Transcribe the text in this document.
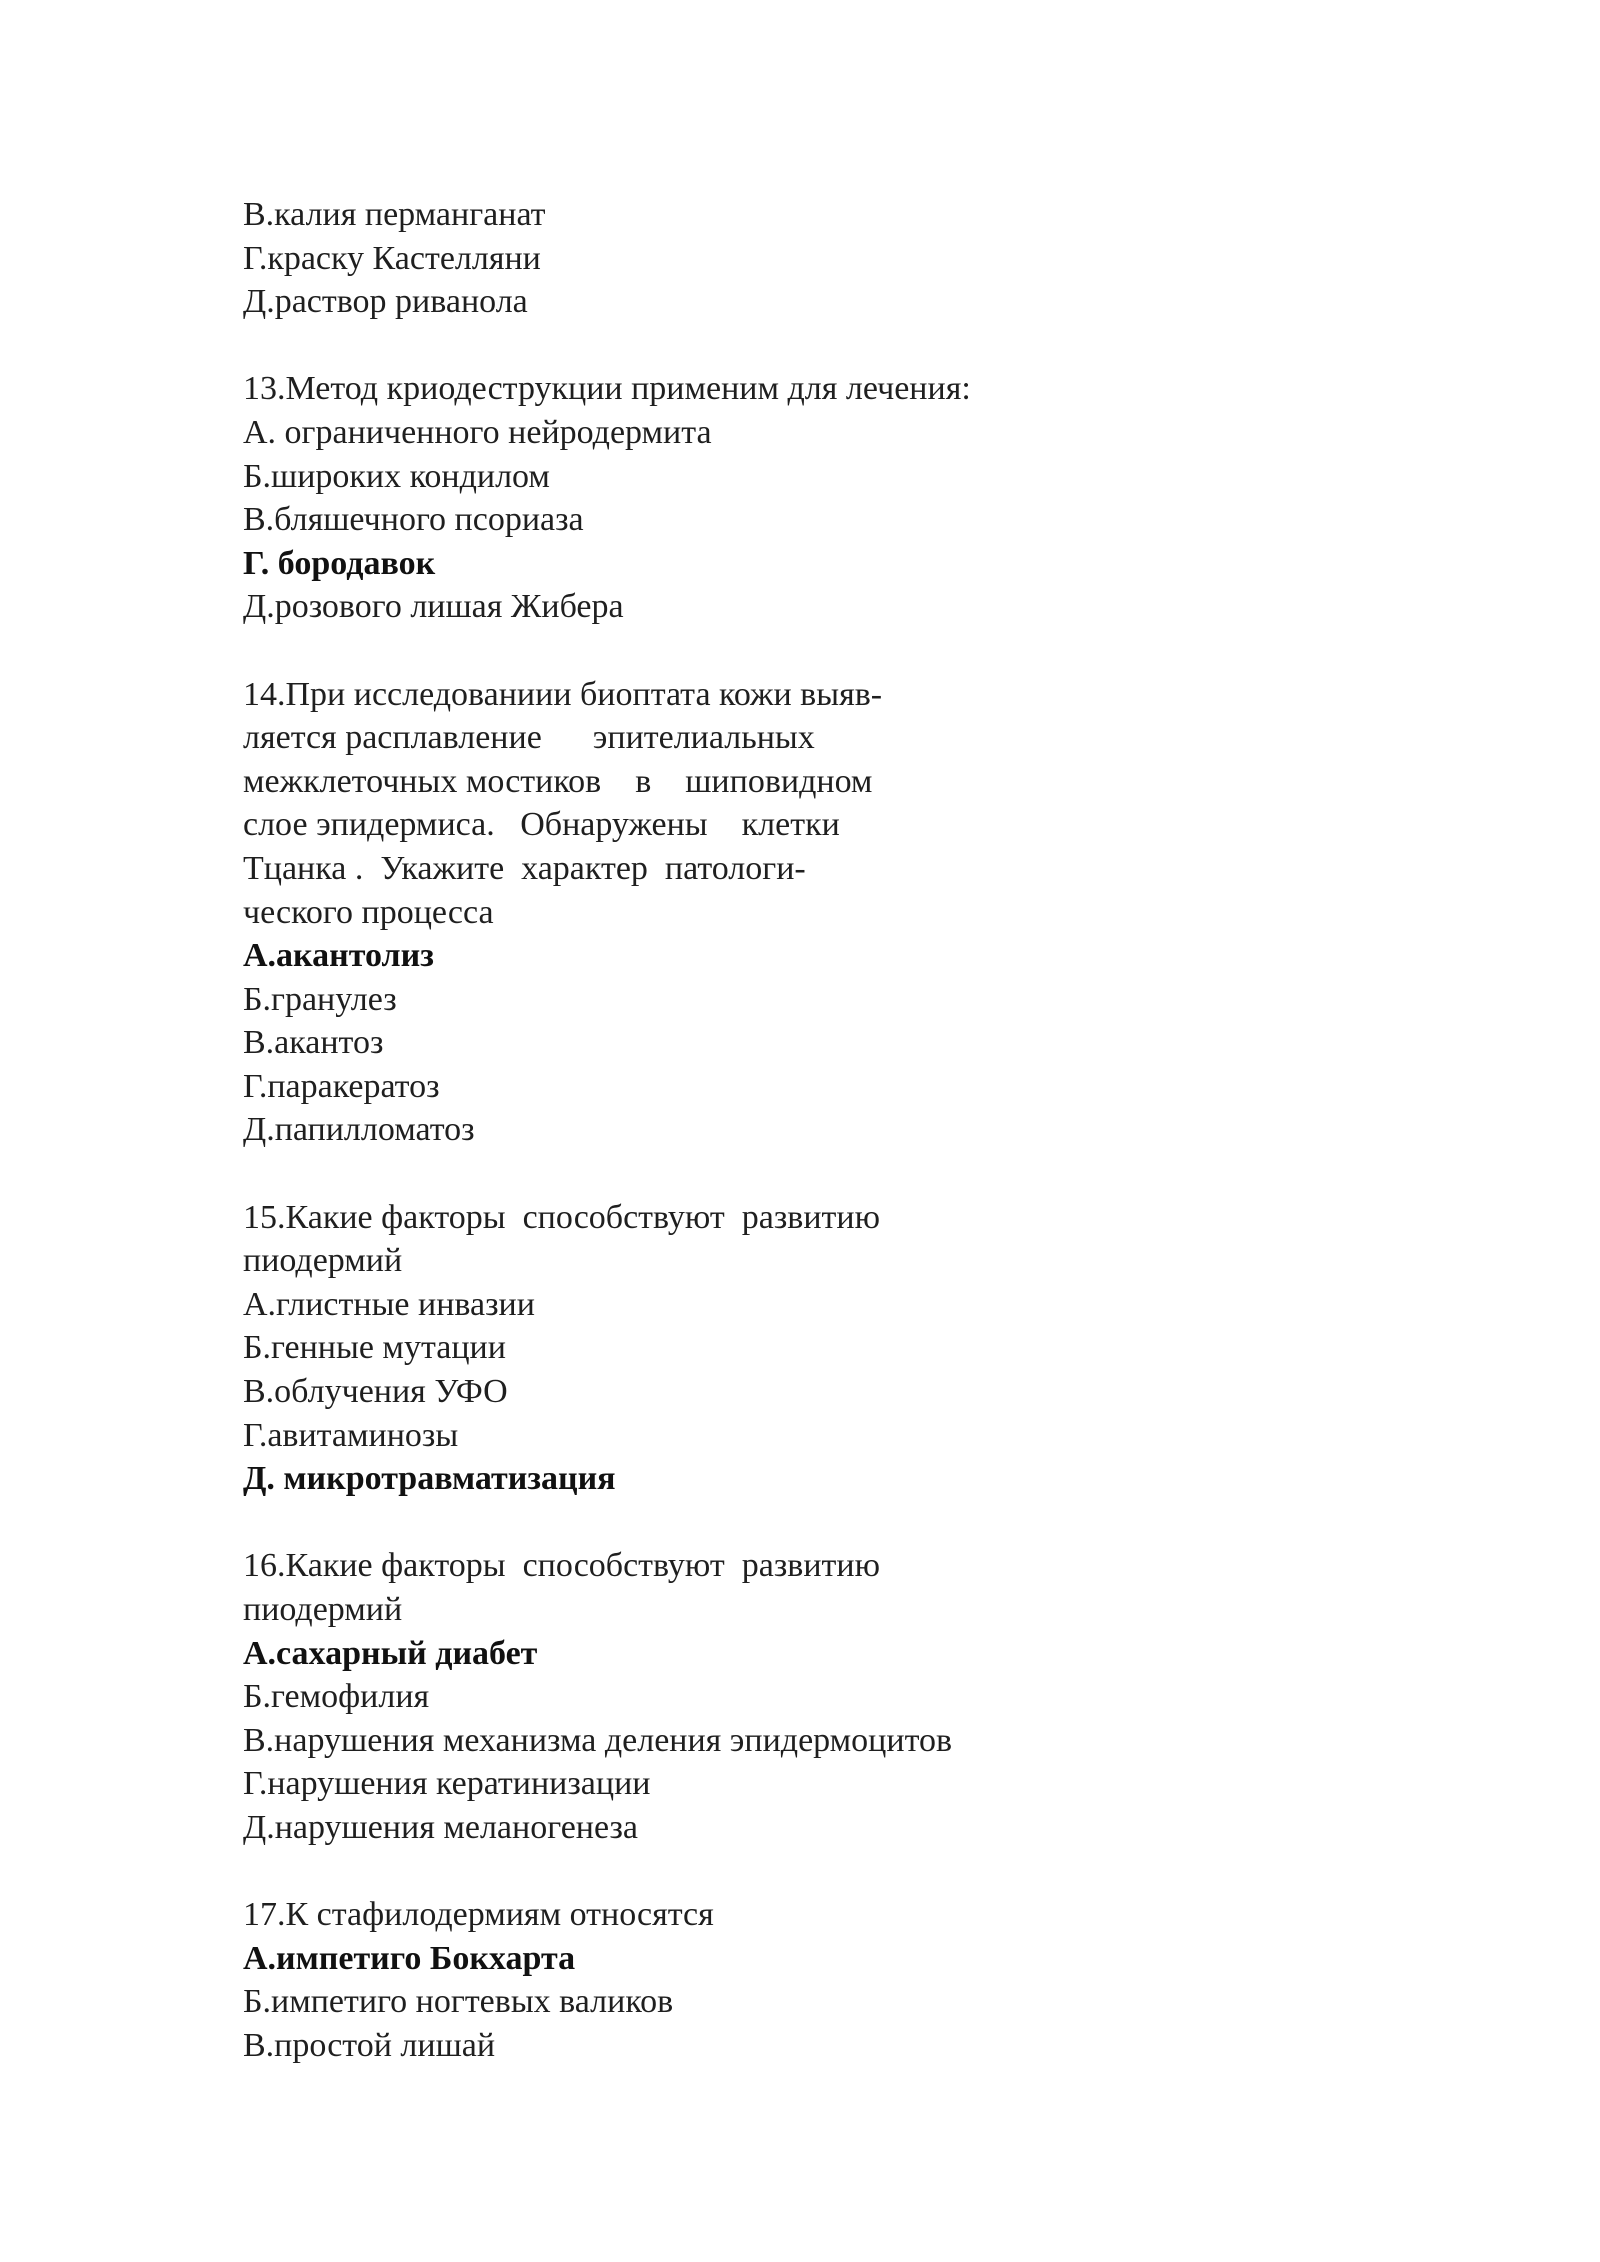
В.калия перманганат
Г.краску Кастелляни
Д.раствор риванола
13.Метод криодеструкции применим для лечения:
А. ограниченного нейродермита
Б.широких кондилом
В.бляшечного псориаза
Г. бородавок
Д.розового лишая Жибера
14.При исследованиии биоптата кожи выяв-
ляется расплавление      эпителиальных
межклеточных мостиков    в    шиповидном
слое эпидермиса.   Обнаружены    клетки
Тцанка .  Укажите  характер  патологи-
ческого процесса
А.акантолиз
Б.гранулез
В.акантоз
Г.паракератоз
Д.папилломатоз
15.Какие факторы  способствуют  развитию
пиодермий
А.глистные инвазии
Б.генные мутации
В.облучения УФО
Г.авитаминозы
Д. микротравматизация
16.Какие факторы  способствуют  развитию
пиодермий
А.сахарный диабет
Б.гемофилия
В.нарушения механизма деления эпидермоцитов
Г.нарушения кератинизации
Д.нарушения меланогенеза
17.К стафилодермиям относятся
А.импетиго Бокхарта
Б.импетиго ногтевых валиков
В.простой лишай
